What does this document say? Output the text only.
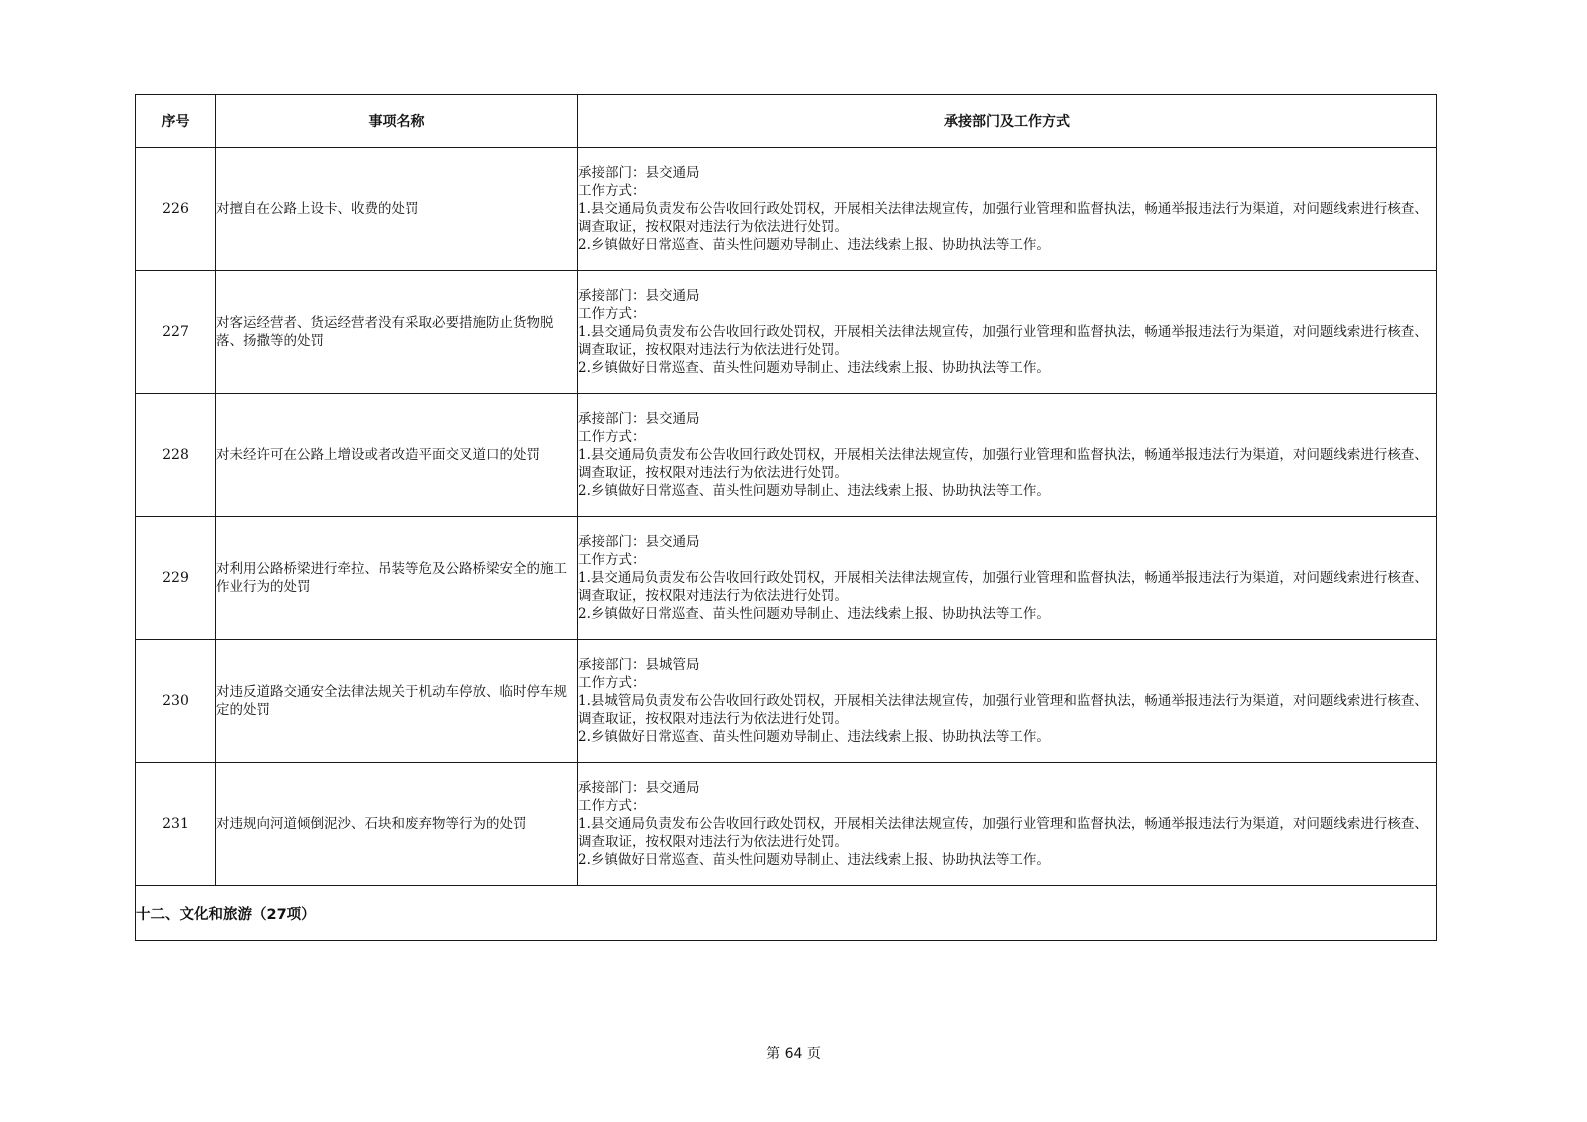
序号	事项名称	承接部门及工作方式
226	对擅自在公路上设卡、收费的处罚	承接部门：县交通局
工作方式：
1.县交通局负责发布公告收回行政处罚权，开展相关法律法规宣传，加强行业管理和监督执法，畅通举报违法行为渠道，对问题线索进行核查、调查取证，按权限对违法行为依法进行处罚。
2.乡镇做好日常巡查、苗头性问题劝导制止、违法线索上报、协助执法等工作。

227	对客运经营者、货运经营者没有采取必要措施防止货物脱落、扬撒等的处罚	承接部门：县交通局
工作方式：
1.县交通局负责发布公告收回行政处罚权，开展相关法律法规宣传，加强行业管理和监督执法，畅通举报违法行为渠道，对问题线索进行核查、调查取证，按权限对违法行为依法进行处罚。
2.乡镇做好日常巡查、苗头性问题劝导制止、违法线索上报、协助执法等工作。

228	对未经许可在公路上增设或者改造平面交叉道口的处罚	承接部门：县交通局
工作方式：
1.县交通局负责发布公告收回行政处罚权，开展相关法律法规宣传，加强行业管理和监督执法，畅通举报违法行为渠道，对问题线索进行核查、调查取证，按权限对违法行为依法进行处罚。
2.乡镇做好日常巡查、苗头性问题劝导制止、违法线索上报、协助执法等工作。

229	对利用公路桥梁进行牵拉、吊装等危及公路桥梁安全的施工作业行为的处罚	承接部门：县交通局
工作方式：
1.县交通局负责发布公告收回行政处罚权，开展相关法律法规宣传，加强行业管理和监督执法，畅通举报违法行为渠道，对问题线索进行核查、调查取证，按权限对违法行为依法进行处罚。
2.乡镇做好日常巡查、苗头性问题劝导制止、违法线索上报、协助执法等工作。

230	对违反道路交通安全法律法规关于机动车停放、临时停车规定的处罚	承接部门：县城管局
工作方式：
1.县城管局负责发布公告收回行政处罚权，开展相关法律法规宣传，加强行业管理和监督执法，畅通举报违法行为渠道，对问题线索进行核查、调查取证，按权限对违法行为依法进行处罚。
2.乡镇做好日常巡查、苗头性问题劝导制止、违法线索上报、协助执法等工作。

231	对违规向河道倾倒泥沙、石块和废弃物等行为的处罚	承接部门：县交通局
工作方式：
1.县交通局负责发布公告收回行政处罚权，开展相关法律法规宣传，加强行业管理和监督执法，畅通举报违法行为渠道，对问题线索进行核查、调查取证，按权限对违法行为依法进行处罚。
2.乡镇做好日常巡查、苗头性问题劝导制止、违法线索上报、协助执法等工作。

十二、文化和旅游（27项）		
第 64 页
